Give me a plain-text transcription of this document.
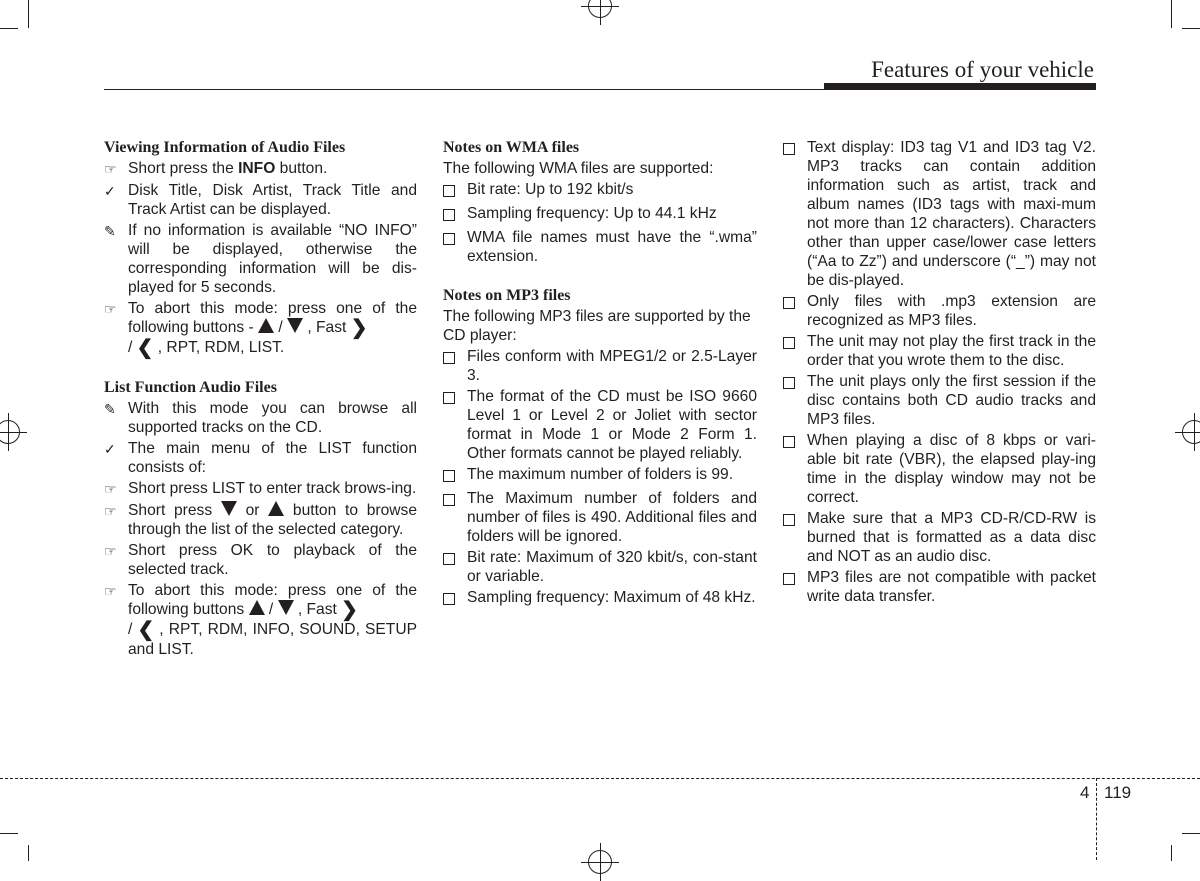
Features of your vehicle
Viewing Information of Audio Files
☞ Short press the INFO button.
✓ Disk Title, Disk Artist, Track Title and Track Artist can be displayed.
✎ If no information is available “NO INFO” will be displayed, otherwise the corresponding information will be dis-played for 5 seconds.
☞ To abort this mode: press one of the following buttons -  /  , Fast ❯
/ ❮ , RPT, RDM, LIST.
List Function Audio Files
✎ With this mode you can browse all supported tracks on the CD.
✓ The main menu of the LIST function consists of:
☞ Short press LIST to enter track brows-ing.
☞ Short press  or  button to browse through the list of the selected category.
☞ Short press OK to playback of the selected track.
☞ To abort this mode: press one of the following buttons  /  , Fast ❯
/ ❮ , RPT, RDM, INFO, SOUND, SETUP and LIST.
Notes on WMA files
The following WMA files are supported:
Bit rate: Up to 192 kbit/s
Sampling frequency: Up to 44.1 kHz
WMA file names must have the “.wma” extension.
Notes on MP3 files
The following MP3 files are supported by the CD player:
Files conform with MPEG1/2 or 2.5-Layer 3.
The format of the CD must be ISO 9660 Level 1 or Level 2 or Joliet with sector format in Mode 1 or Mode 2 Form 1. Other formats cannot be played reliably.
The maximum number of folders is 99.
The Maximum number of folders and number of files is 490. Additional files and folders will be ignored.
Bit rate: Maximum of 320 kbit/s, con-stant or variable.
Sampling frequency: Maximum of 48 kHz.
Text display: ID3 tag V1 and ID3 tag V2. MP3 tracks can contain addition information such as artist, track and album names (ID3 tags with maxi-mum not more than 12 characters). Characters other than upper case/lower case letters (“Aa to Zz”) and underscore (“_”) may not be dis-played.
Only files with .mp3 extension are recognized as MP3 files.
The unit may not play the first track in the order that you wrote them to the disc.
The unit plays only the first session if the disc contains both CD audio tracks and MP3 files.
When playing a disc of 8 kbps or vari-able bit rate (VBR), the elapsed play-ing time in the display window may not be correct.
Make sure that a MP3 CD-R/CD-RW is burned that is formatted as a data disc and NOT as an audio disc.
MP3 files are not compatible with packet write data transfer.
4 119
